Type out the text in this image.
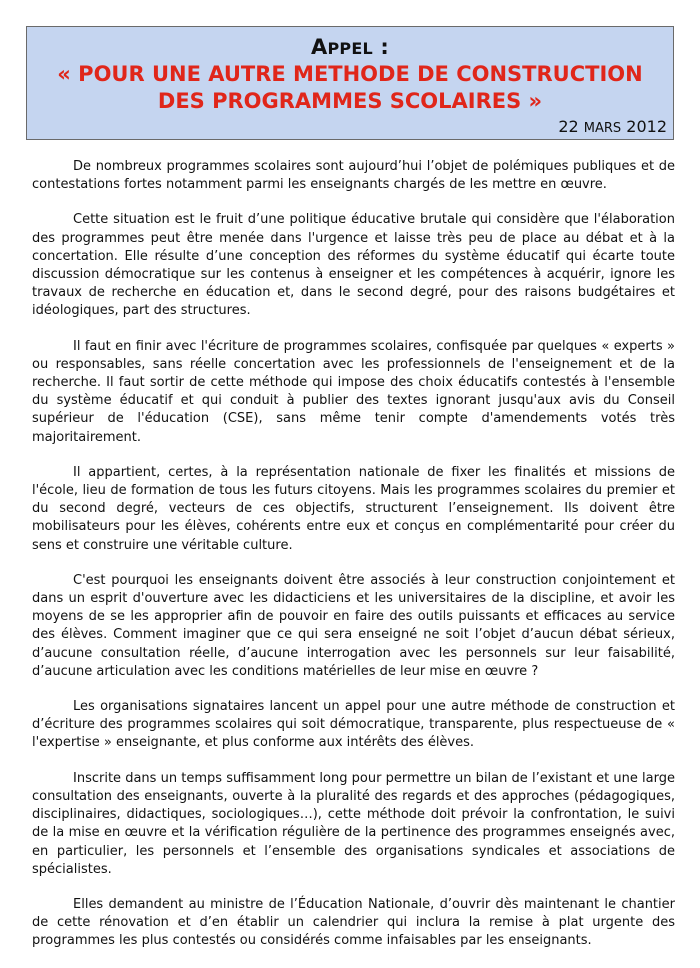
APPEL :
« POUR UNE AUTRE METHODE DE CONSTRUCTION
DES PROGRAMMES SCOLAIRES »
22 MARS 2012

De nombreux programmes scolaires sont aujourd’hui l’objet de polémiques publiques et de contestations fortes notamment parmi les enseignants chargés de les mettre en œuvre.

Cette situation est le fruit d’une politique éducative brutale qui considère que l'élaboration des programmes peut être menée dans l'urgence et laisse très peu de place au débat et à la concertation. Elle résulte d’une conception des réformes du système éducatif qui écarte toute discussion démocratique sur les contenus à enseigner et les compétences à acquérir, ignore les travaux de recherche en éducation et, dans le second degré, pour des raisons budgétaires et idéologiques, part des structures.

Il faut en finir avec l'écriture de programmes scolaires, confisquée par quelques « experts » ou responsables, sans réelle concertation avec les professionnels de l'enseignement et de la recherche. Il faut sortir de cette méthode qui impose des choix éducatifs contestés à l'ensemble du système éducatif et qui conduit à publier des textes ignorant jusqu'aux avis du Conseil supérieur de l'éducation (CSE), sans même tenir compte d'amendements votés très majoritairement.

Il appartient, certes, à la représentation nationale de fixer les finalités et missions de l'école, lieu de formation de tous les futurs citoyens. Mais les programmes scolaires du premier et du second degré, vecteurs de ces objectifs, structurent l’enseignement. Ils doivent être mobilisateurs pour les élèves, cohérents entre eux et conçus en complémentarité pour créer du sens et construire une véritable culture.

C'est pourquoi les enseignants doivent être associés à leur construction conjointement et dans un esprit d'ouverture avec les didacticiens et les universitaires de la discipline, et avoir les moyens de se les approprier afin de pouvoir en faire des outils puissants et efficaces au service des élèves. Comment imaginer que ce qui sera enseigné ne soit l’objet d’aucun débat sérieux, d’aucune consultation réelle, d’aucune interrogation avec les personnels sur leur faisabilité, d’aucune articulation avec les conditions matérielles de leur mise en œuvre ?

Les organisations signataires lancent un appel pour une autre méthode de construction et d’écriture des programmes scolaires qui soit démocratique, transparente, plus respectueuse de « l'expertise » enseignante, et plus conforme aux intérêts des élèves.

Inscrite dans un temps suffisamment long pour permettre un bilan de l’existant et une large consultation des enseignants, ouverte à la pluralité des regards et des approches (pédagogiques, disciplinaires, didactiques, sociologiques…), cette méthode doit prévoir la confrontation, le suivi de la mise en œuvre et la vérification régulière de la pertinence des programmes enseignés avec, en particulier, les personnels et l’ensemble des organisations syndicales et associations de spécialistes.

Elles demandent au ministre de l’Éducation Nationale, d’ouvrir dès maintenant le chantier de cette rénovation et d’en établir un calendrier qui inclura la remise à plat urgente des programmes les plus contestés ou considérés comme infaisables par les enseignants.
